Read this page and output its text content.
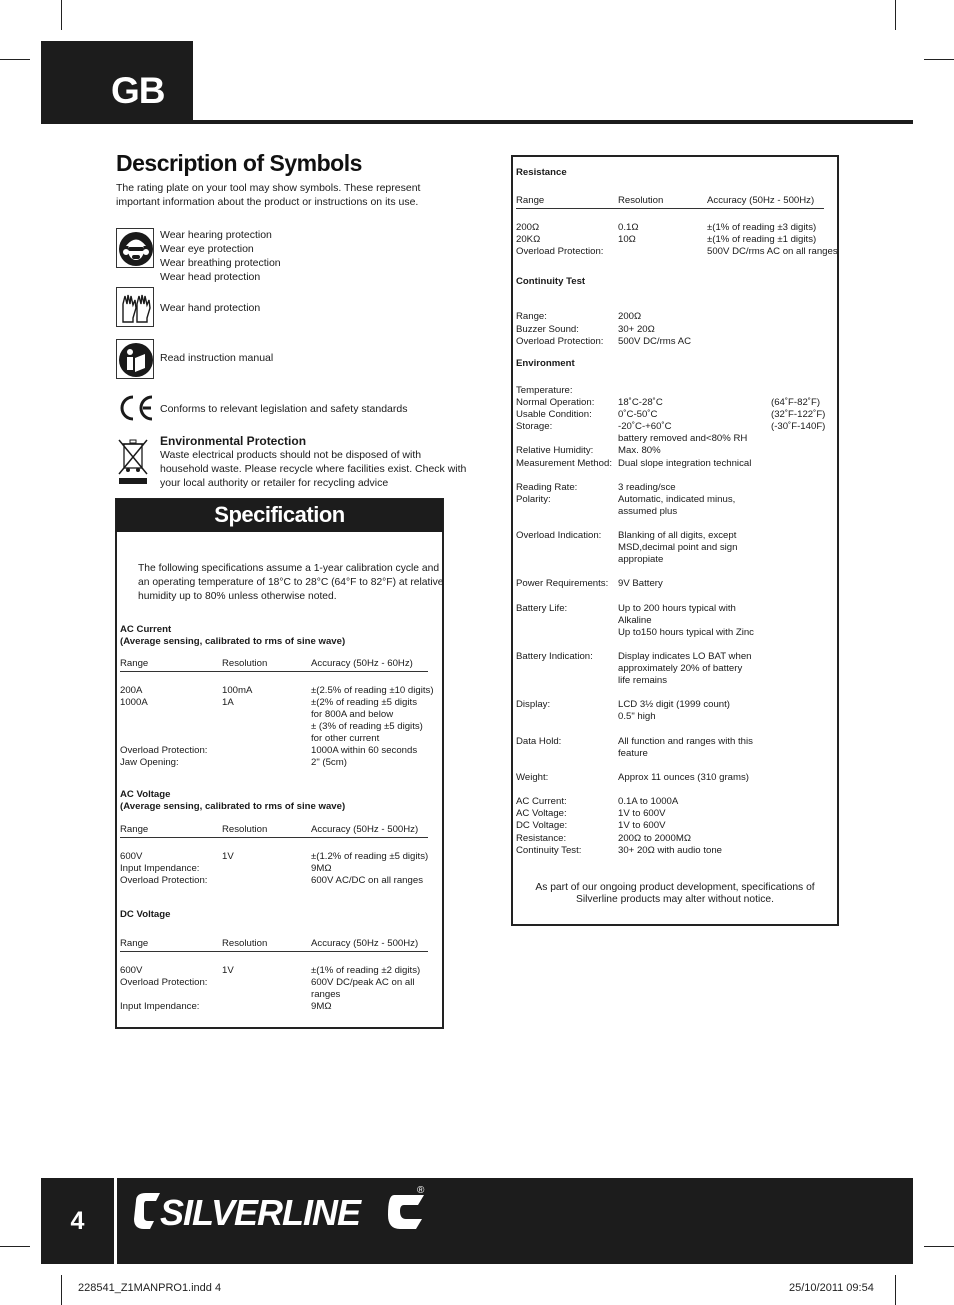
GB
Description of Symbols
The rating plate on your tool may show symbols. These represent important information about the product or instructions on its use.
Wear hearing protection
Wear eye protection
Wear breathing protection
Wear head protection
Wear hand protection
Read instruction manual
Conforms to relevant legislation and safety standards
Environmental Protection
Waste electrical products should not be disposed of with
household waste. Please recycle where facilities exist. Check with
your local authority or retailer for recycling advice
Specification
The following specifications assume a 1-year calibration cycle and
an operating temperature of 18°C to 28°C (64°F to 82°F) at relative
humidity up to 80% unless otherwise noted.
AC Current
(Average sensing, calibrated to rms of sine wave)
Range	Resolution	Accuracy (50Hz - 60Hz)
200A	100mA	±(2.5% of reading ±10 digits)
1000A	1A	±(2% of reading ±5 digits
for 800A and below
± (3% of reading ±5 digits)
for other current
Overload Protection:	1000A within 60 seconds
Jaw Opening:	2" (5cm)
AC Voltage
(Average sensing, calibrated to rms of sine wave)
Range	Resolution	Accuracy (50Hz - 500Hz)
600V	1V	±(1.2% of reading ±5 digits)
Input Impendance:	9MΩ
Overload Protection:	600V AC/DC on all ranges
DC Voltage
Range	Resolution	Accuracy (50Hz - 500Hz)
600V	1V	±(1% of reading ±2 digits)
Overload Protection:	600V DC/peak AC on all
ranges
Input Impendance:	9MΩ
Resistance
Range	Resolution	Accuracy (50Hz - 500Hz)
200Ω	0.1Ω	±(1% of reading ±3 digits)
20KΩ	10Ω	±(1% of reading ±1 digits)
Overload Protection:	500V DC/rms AC on all ranges
Continuity Test
Range:	200Ω
Buzzer Sound:	30+ 20Ω
Overload Protection: 500V DC/rms AC
Environment
Temperature:
Normal Operation: 18˚C-28˚C	(64˚F-82˚F)
Usable Condition:	0˚C-50˚C	(32˚F-122˚F)
Storage:	-20˚C-+60˚C	(-30˚F-140F)
battery removed and<80% RH
Relative Humidity:	Max. 80%
Measurement Method: Dual slope integration technical
Reading Rate:	3 reading/sce
Polarity:	Automatic, indicated minus,
assumed plus
Overload Indication: Blanking of all digits, except
MSD,decimal point and sign
appropiate
Power Requirements: 9V Battery
Battery Life:	Up to 200 hours typical with
Alkaline
Up to150 hours typical with Zinc
Battery Indication:	Display indicates LO BAT when
approximately 20% of battery
life remains
Display:	LCD 3½ digit (1999 count)
0.5" high
Data Hold:	All function and ranges with this
feature
Weight:	Approx 11 ounces (310 grams)
AC Current:	0.1A to 1000A
AC Voltage:	1V to 600V
DC Voltage:	1V to 600V
Resistance:	200Ω to 2000MΩ
Continuity Test:	30+ 20Ω with audio tone
As part of our ongoing product development, specifications of
Silverline products may alter without notice.
4	SILVERLINE
®
228541_Z1MANPRO1.indd 4	25/10/2011 09:54
